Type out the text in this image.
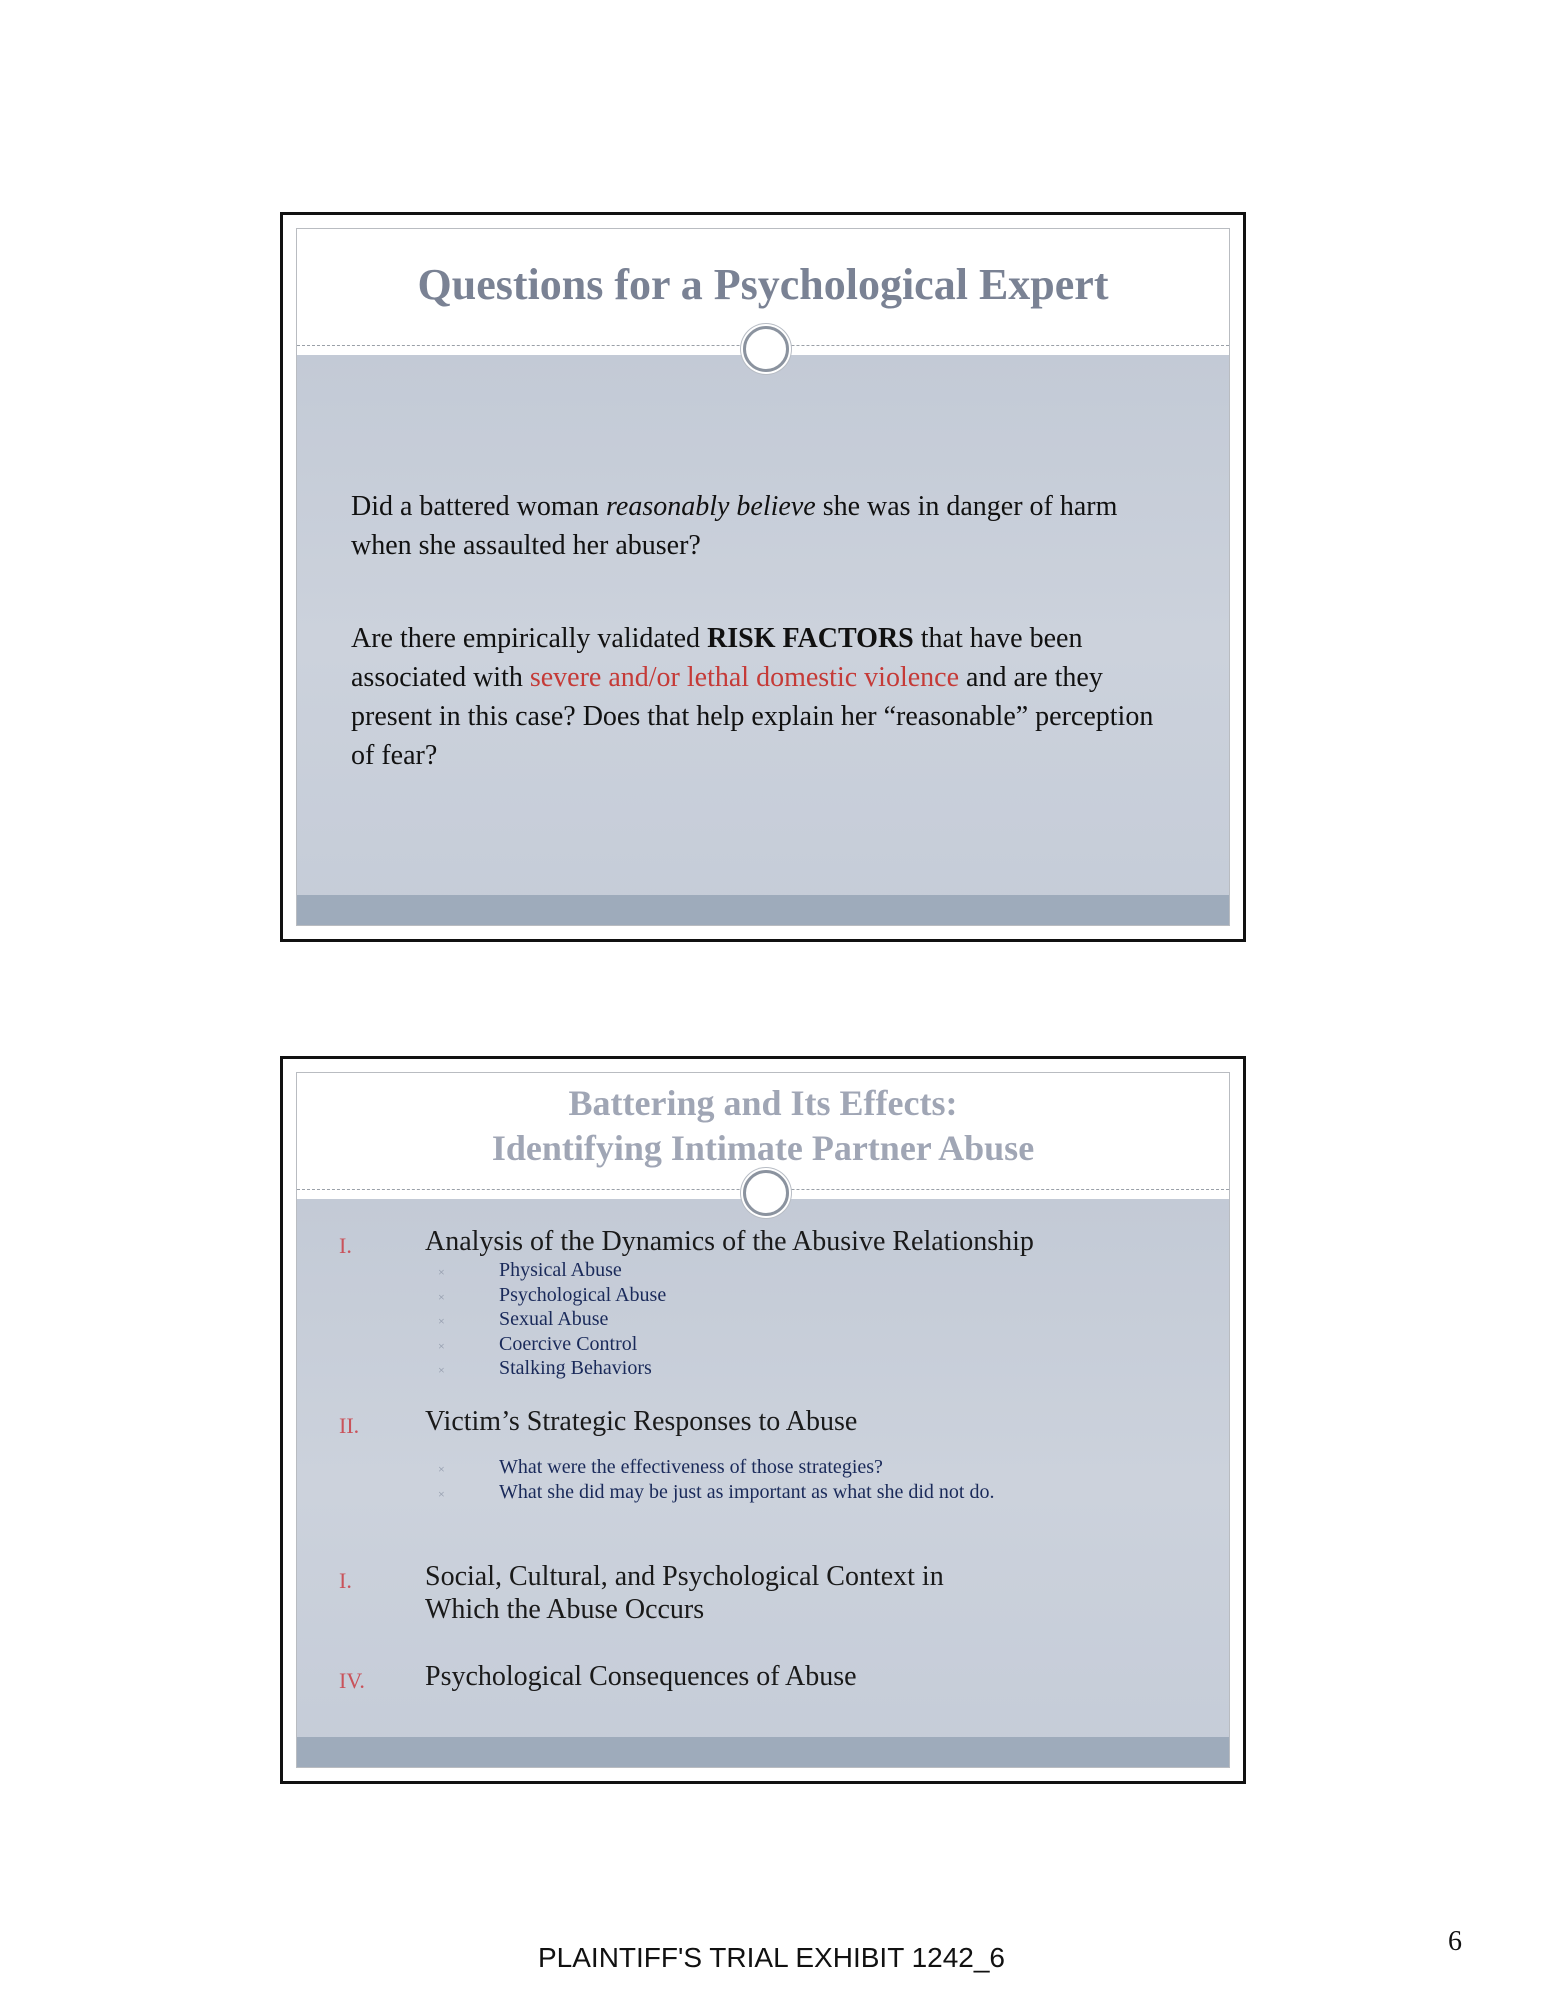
Questions for a Psychological Expert

Did a battered woman reasonably believe she was in danger of harm when she assaulted her abuser?

Are there empirically validated RISK FACTORS that have been associated with severe and/or lethal domestic violence and are they present in this case? Does that help explain her “reasonable” perception of fear?

Battering and Its Effects:
Identifying Intimate Partner Abuse
I.	Analysis of the Dynamics of the Abusive Relationship

×	Physical Abuse
×	Psychological Abuse
×	Sexual Abuse
×	Coercive Control
×	Stalking Behaviors
II. Victim’s Strategic Responses to Abuse

×	What were the effectiveness of those strategies?
×	What she did may be just as important as what she did not do.
I.	Social, Cultural, and Psychological Context in
Which the Abuse Occurs

IV. Psychological Consequences of Abuse

PLAINTIFF'S TRIAL EXHIBIT 1242_6

6
